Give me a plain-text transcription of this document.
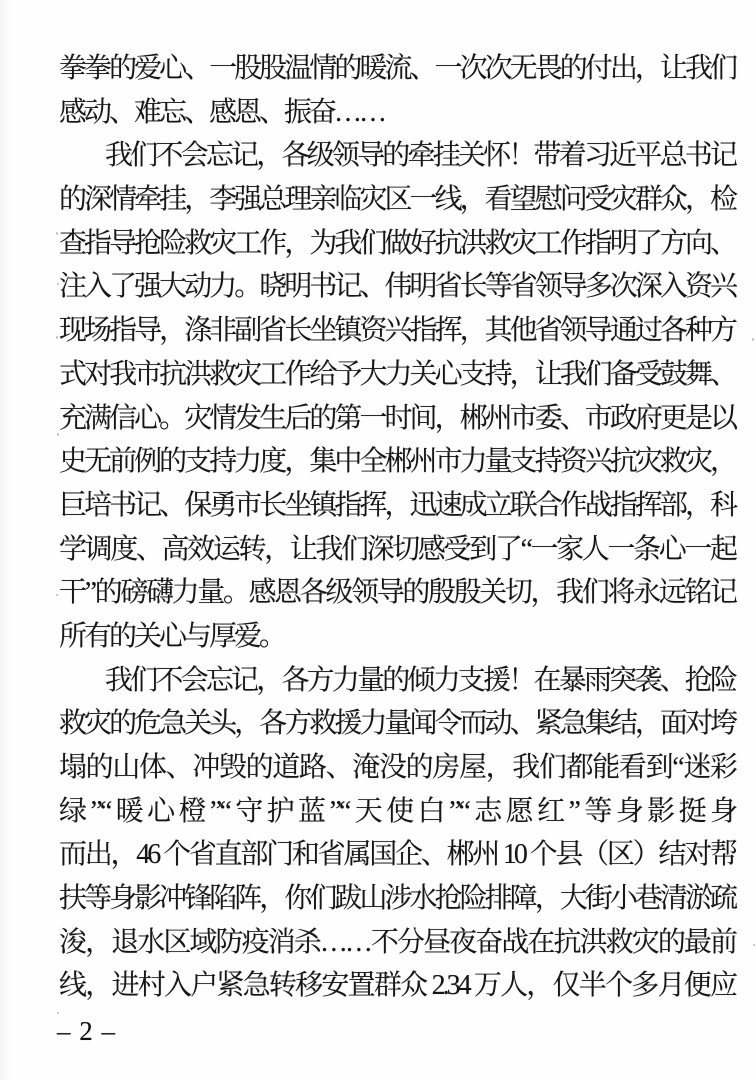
拳拳的爱心、一股股温情的暖流、一次次无畏的付出，让我们
感动、难忘、感恩、振奋……
我们不会忘记，各级领导的牵挂关怀！带着习近平总书记
的深情牵挂，李强总理亲临灾区一线，看望慰问受灾群众，检
查指导抢险救灾工作，为我们做好抗洪救灾工作指明了方向、
注入了强大动力。晓明书记、伟明省长等省领导多次深入资兴
现场指导，涤非副省长坐镇资兴指挥，其他省领导通过各种方
式对我市抗洪救灾工作给予大力关心支持，让我们备受鼓舞、
充满信心。灾情发生后的第一时间，郴州市委、市政府更是以
史无前例的支持力度，集中全郴州市力量支持资兴抗灾救灾，
巨培书记、保勇市长坐镇指挥，迅速成立联合作战指挥部，科
学调度、高效运转，让我们深切感受到了“一家人一条心一起
干”的磅礴力量。感恩各级领导的殷殷关切，我们将永远铭记
所有的关心与厚爱。
我们不会忘记，各方力量的倾力支援！在暴雨突袭、抢险
救灾的危急关头，各方救援力量闻令而动、紧急集结，面对垮
塌的山体、冲毁的道路、淹没的房屋，我们都能看到“迷彩
绿”“暖心橙”“守护蓝”“天使白”“志愿红”等身影挺身
而出，46 个省直部门和省属国企、郴州 10 个县（区）结对帮
扶等身影冲锋陷阵，你们跋山涉水抢险排障，大街小巷清淤疏
浚，退水区域防疫消杀……不分昼夜奋战在抗洪救灾的最前
线，进村入户紧急转移安置群众 2.34 万人，仅半个多月便应
– 2 –
